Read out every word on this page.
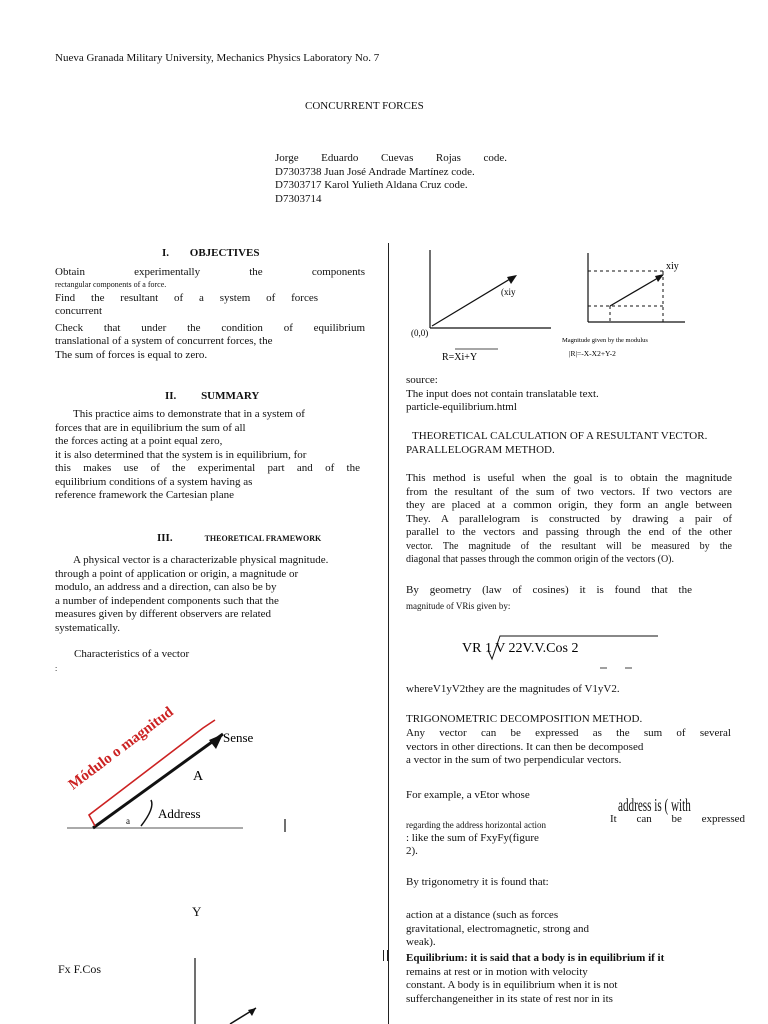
Nueva Granada Military University, Mechanics Physics Laboratory No. 7
CONCURRENT FORCES
Jorge Eduardo Cuevas Rojas code.
D7303738 Juan José Andrade Martínez code.
D7303717 Karol Yulieth Aldana Cruz code.
D7303714
I. OBJECTIVES
Obtain experimentally the components
rectangular components of a force.
Find the resultant of a system of forces
concurrent
Check that under the condition of equilibrium
translational of a system of concurrent forces, the
The sum of forces is equal to zero.
II. SUMMARY
This practice aims to demonstrate that in a system of
forces that are in equilibrium the sum of all
the forces acting at a point equal zero,
it is also determined that the system is in equilibrium, for
this makes use of the experimental part and of the
equilibrium conditions of a system having as
reference framework the Cartesian plane
III.	THEORETICAL FRAMEWORK
A physical vector is a characterizable physical magnitude.
through a point of application or origin, a magnitude or
modulo, an address and a direction, can also be by
a number of independent components such that the
measures given by different observers are related
systematically.
Characteristics of a vector
:
Módulo o magnitud	Sense
A
Address
a
Y
Fx F.Cos
(0,0)
(xiy
R=Xi+Y
xiy
Magnitude given by the modulus
|R|=-X-X2+Y-2
source:
The input does not contain translatable text.
particle-equilibrium.html
THEORETICAL CALCULATION OF A RESULTANT VECTOR.
PARALLELOGRAM METHOD.
This method is useful when the goal is to obtain the magnitude
from the resultant of the sum of two vectors. If two vectors are
they are placed at a common origin, they form an angle between
They. A parallelogram is constructed by drawing a pair of
parallel to the vectors and passing through the end of the other
vector. The magnitude of the resultant will be measured by the
diagonal that passes through the common origin of the vectors (O).
By geometry (law of cosines) it is found that the
magnitude of VRis given by:
VR 1 V 22V.V.Cos 2
whereV1yV2they are the magnitudes of V1yV2.
TRIGONOMETRIC DECOMPOSITION METHOD.
Any vector can be expressed as the sum of several
vectors in other directions. It can then be decomposed
a vector in the sum of two perpendicular vectors.
For example, a vEtor whose	address is ( with
It can be expressed
regarding the address horizontal action
: like the sum of FxyFy(figure
2).
By trigonometry it is found that:
action at a distance (such as forces
gravitational, electromagnetic, strong and
weak).
Equilibrium: it is said that a body is in equilibrium if it
remains at rest or in motion with velocity
constant. A body is in equilibrium when it is not
sufferchangeneither in its state of rest nor in its
